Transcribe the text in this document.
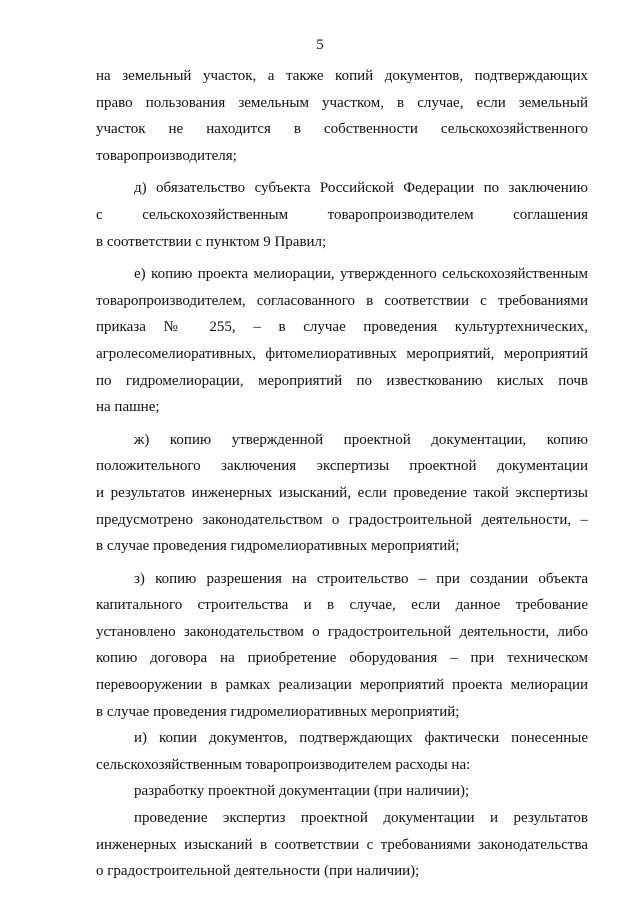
5
на земельный участок, а также копий документов, подтверждающих
право пользования земельным участком, в случае, если земельный
участок не находится в собственности сельскохозяйственного
товаропроизводителя;
д) обязательство субъекта Российской Федерации по заключению
с сельскохозяйственным товаропроизводителем соглашения
в соответствии с пунктом 9 Правил;
е) копию проекта мелиорации, утвержденного сельскохозяйственным
товаропроизводителем, согласованного в соответствии с требованиями
приказа № 255, – в случае проведения культуртехнических,
агролесомелиоративных, фитомелиоративных мероприятий, мероприятий
по гидромелиорации, мероприятий по известкованию кислых почв
на пашне;
ж) копию утвержденной проектной документации, копию
положительного заключения экспертизы проектной документации
и результатов инженерных изысканий, если проведение такой экспертизы
предусмотрено законодательством о градостроительной деятельности, –
в случае проведения гидромелиоративных мероприятий;
з) копию разрешения на строительство – при создании объекта
капитального строительства и в случае, если данное требование
установлено законодательством о градостроительной деятельности, либо
копию договора на приобретение оборудования – при техническом
перевооружении в рамках реализации мероприятий проекта мелиорации
в случае проведения гидромелиоративных мероприятий;
и) копии документов, подтверждающих фактически понесенные
сельскохозяйственным товаропроизводителем расходы на:
разработку проектной документации (при наличии);
проведение экспертиз проектной документации и результатов
инженерных изысканий в соответствии с требованиями законодательства
о градостроительной деятельности (при наличии);
